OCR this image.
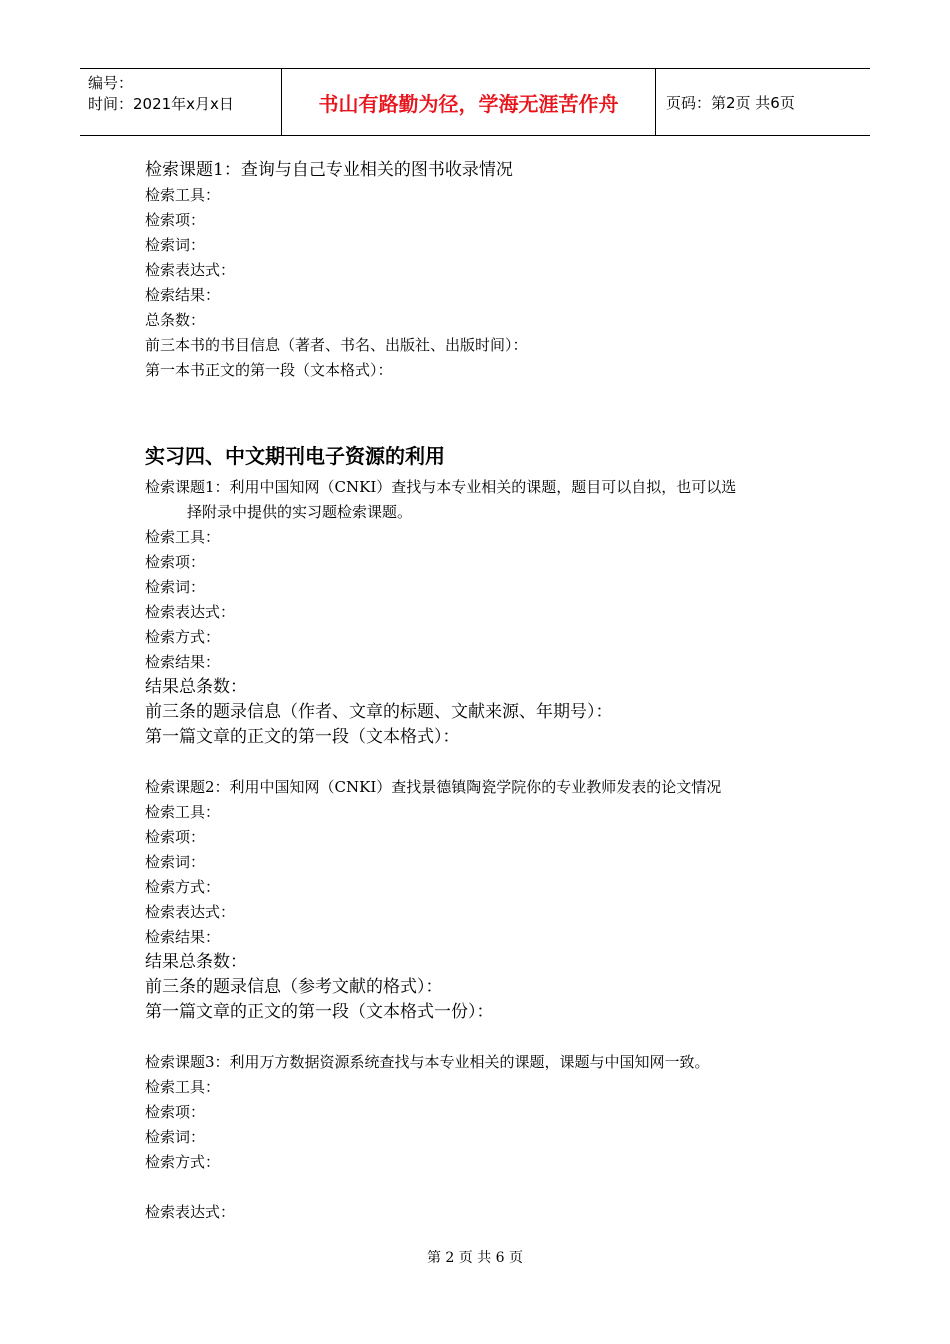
编号：
时间：2021年x月x日	书山有路勤为径，学海无涯苦作舟	页码：第2页 共6页
检索课题1：查询与自己专业相关的图书收录情况
检索工具：
检索项：
检索词：
检索表达式：
检索结果：
总条数：
前三本书的书目信息（著者、书名、出版社、出版时间）：
第一本书正文的第一段（文本格式）：
实习四、中文期刊电子资源的利用
检索课题1：利用中国知网（CNKI）查找与本专业相关的课题，题目可以自拟，也可以选
择附录中提供的实习题检索课题。
检索工具：
检索项：
检索词：
检索表达式：
检索方式：
检索结果：
结果总条数：
前三条的题录信息（作者、文章的标题、文献来源、年期号）：
第一篇文章的正文的第一段（文本格式）：
检索课题2：利用中国知网（CNKI）查找景德镇陶瓷学院你的专业教师发表的论文情况
检索工具：
检索项：
检索词：
检索方式：
检索表达式：
检索结果：
结果总条数：
前三条的题录信息（参考文献的格式）：
第一篇文章的正文的第一段（文本格式一份）：
检索课题3：利用万方数据资源系统查找与本专业相关的课题，课题与中国知网一致。
检索工具：
检索项：
检索词：
检索方式：
检索表达式：
第 2 页 共 6 页
